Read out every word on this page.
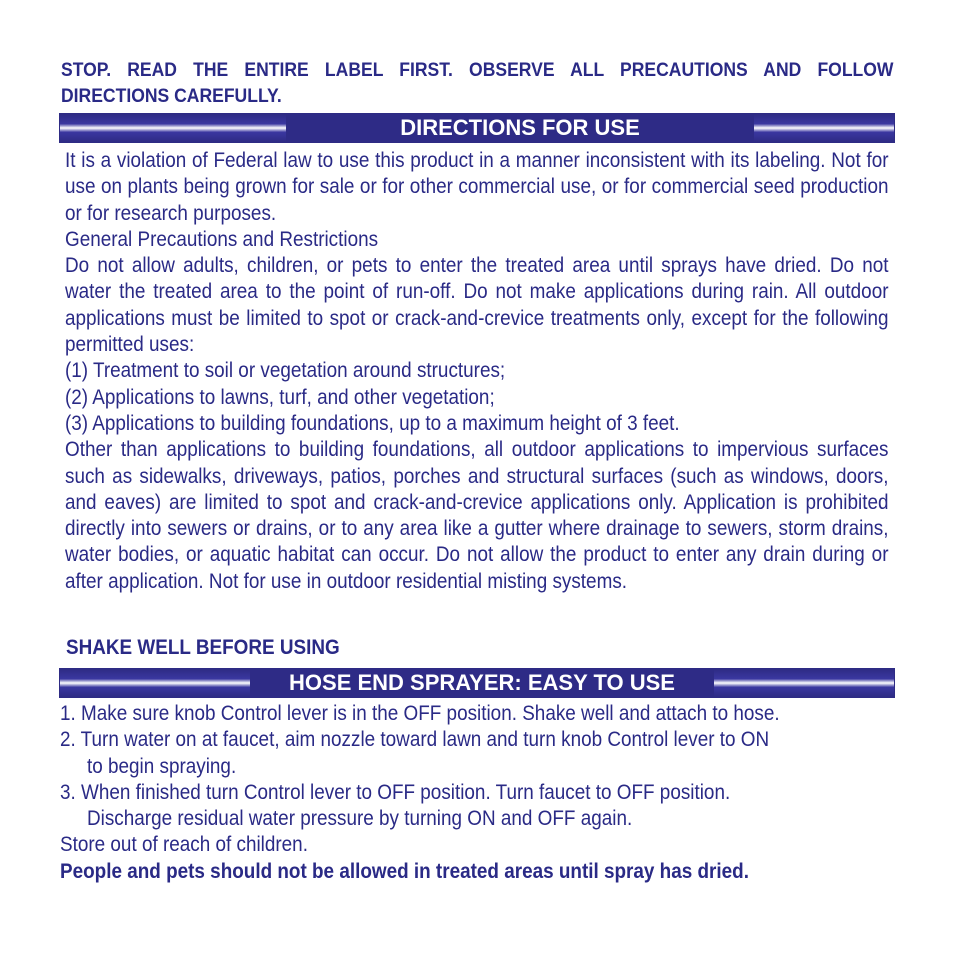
STOP. READ THE ENTIRE LABEL FIRST. OBSERVE ALL PRECAUTIONS AND FOLLOW DIRECTIONS CAREFULLY.

DIRECTIONS FOR USE

It is a violation of Federal law to use this product in a manner inconsistent with its labeling. Not for use on plants being grown for sale or for other commercial use, or for commercial seed production or for research purposes.

General Precautions and Restrictions

Do not allow adults, children, or pets to enter the treated area until sprays have dried. Do not water the treated area to the point of run-off. Do not make applications during rain. All outdoor applications must be limited to spot or crack-and-crevice treatments only, except for the following permitted uses:

(1) Treatment to soil or vegetation around structures;

(2) Applications to lawns, turf, and other vegetation;

(3) Applications to building foundations, up to a maximum height of 3 feet.

Other than applications to building foundations, all outdoor applications to impervious surfaces such as sidewalks, driveways, patios, porches and structural surfaces (such as windows, doors, and eaves) are limited to spot and crack-and-crevice applications only. Application is prohibited directly into sewers or drains, or to any area like a gutter where drainage to sewers, storm drains, water bodies, or aquatic habitat can occur. Do not allow the product to enter any drain during or after application. Not for use in outdoor residential misting systems.

SHAKE WELL BEFORE USING

HOSE END SPRAYER: EASY TO USE

1. Make sure knob Control lever is in the OFF position. Shake well and attach to hose.

2. Turn water on at faucet, aim nozzle toward lawn and turn knob Control lever to ON

to begin spraying.

3. When finished turn Control lever to OFF position. Turn faucet to OFF position.

Discharge residual water pressure by turning ON and OFF again.

Store out of reach of children.

People and pets should not be allowed in treated areas until spray has dried.
